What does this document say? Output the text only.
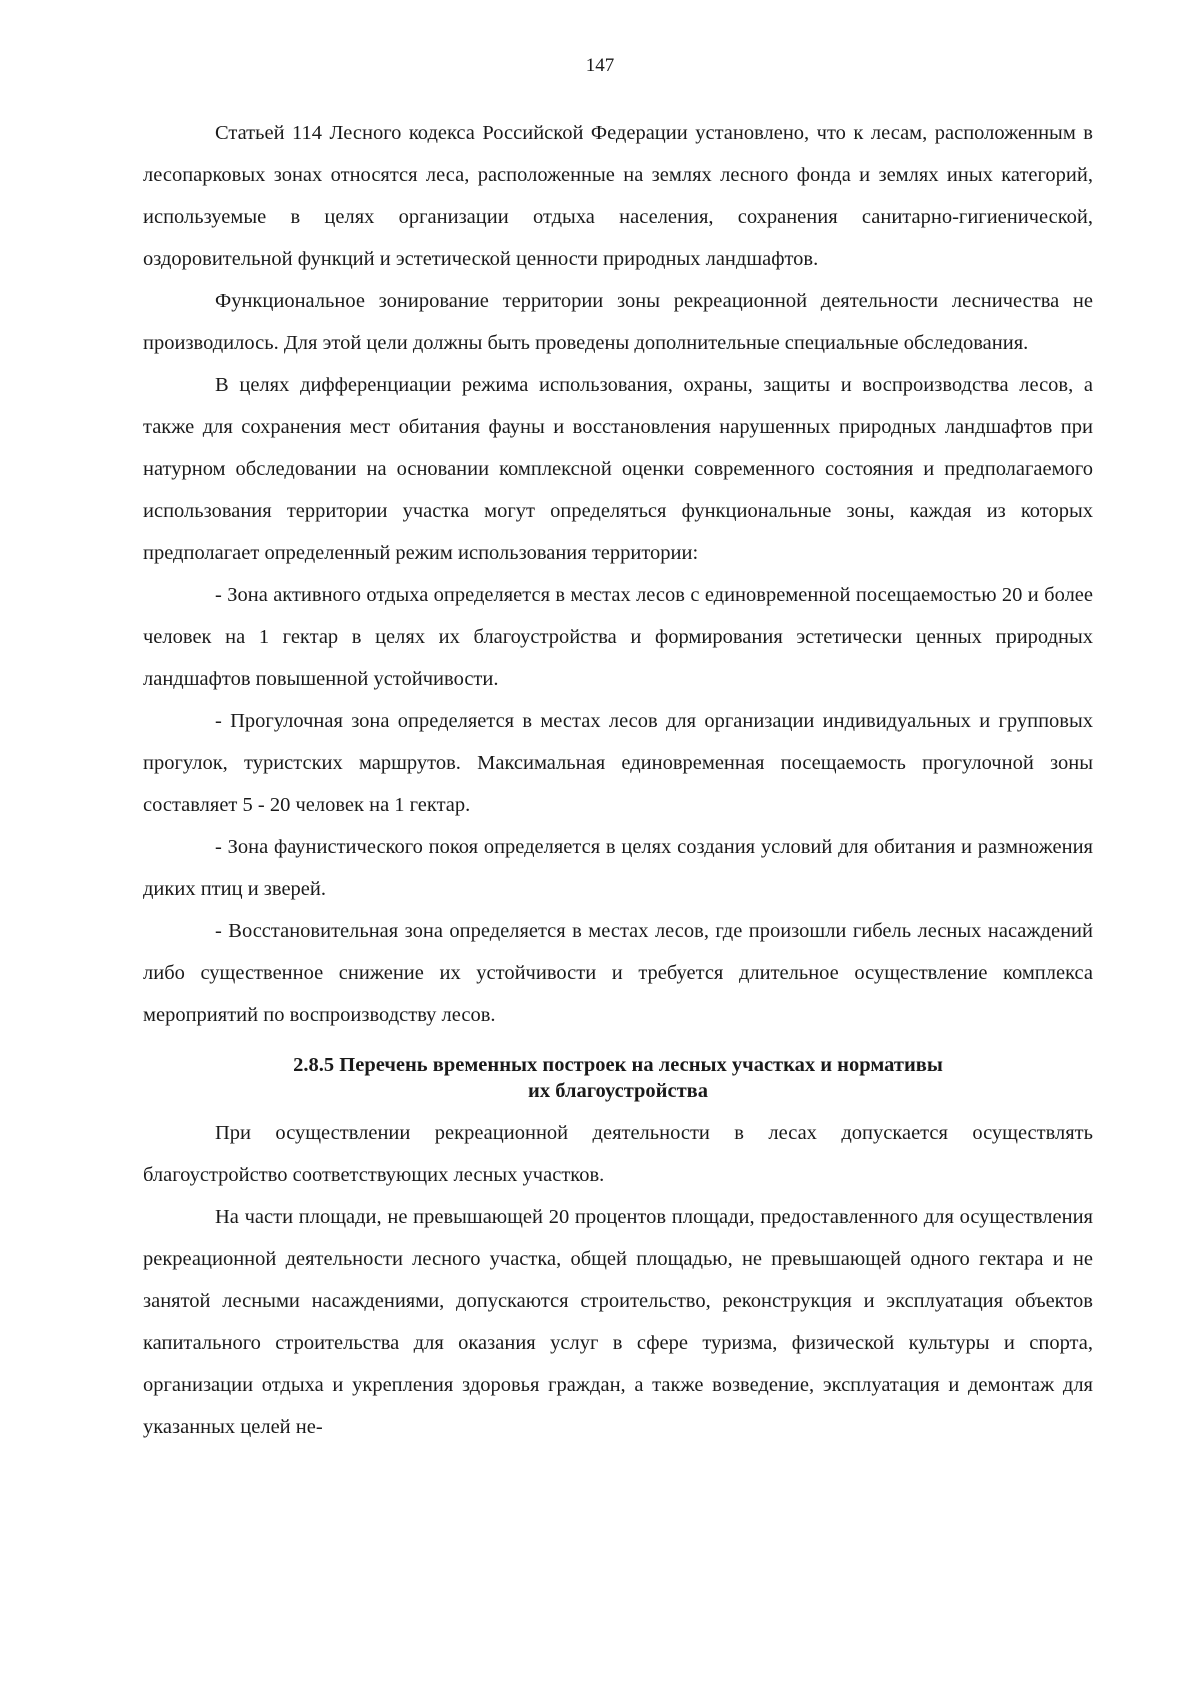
147

Статьей 114 Лесного кодекса Российской Федерации установлено, что к лесам, расположенным в лесопарковых зонах относятся леса, расположенные на землях лесного фонда и землях иных категорий, используемые в целях организации отдыха населения, сохранения санитарно-гигиенической, оздоровительной функций и эстетической ценности природных ландшафтов.

Функциональное зонирование территории зоны рекреационной деятельности лесничества не производилось. Для этой цели должны быть проведены дополнительные специальные обследования.

В целях дифференциации режима использования, охраны, защиты и воспроизводства лесов, а также для сохранения мест обитания фауны и восстановления нарушенных природных ландшафтов при натурном обследовании на основании комплексной оценки современного состояния и предполагаемого использования территории участка могут определяться функциональные зоны, каждая из которых предполагает определенный режим использования территории:

- Зона активного отдыха определяется в местах лесов с единовременной посещаемостью 20 и более человек на 1 гектар в целях их благоустройства и формирования эстетически ценных природных ландшафтов повышенной устойчивости.

- Прогулочная зона определяется в местах лесов для организации индивидуальных и групповых прогулок, туристских маршрутов. Максимальная единовременная посещаемость прогулочной зоны составляет 5 - 20 человек на 1 гектар.

- Зона фаунистического покоя определяется в целях создания условий для обитания и размножения диких птиц и зверей.

- Восстановительная зона определяется в местах лесов, где произошли гибель лесных насаждений либо существенное снижение их устойчивости и требуется длительное осуществление комплекса мероприятий по воспроизводству лесов.

2.8.5 Перечень временных построек на лесных участках и нормативы
их благоустройства

При осуществлении рекреационной деятельности в лесах допускается осуществлять благоустройство соответствующих лесных участков.

На части площади, не превышающей 20 процентов площади, предоставленного для осуществления рекреационной деятельности лесного участка, общей площадью, не превышающей одного гектара и не занятой лесными насаждениями, допускаются строительство, реконструкция и эксплуатация объектов капитального строительства для оказания услуг в сфере туризма, физической культуры и спорта, организации отдыха и укрепления здоровья граждан, а также возведение, эксплуатация и демонтаж для указанных целей не-
